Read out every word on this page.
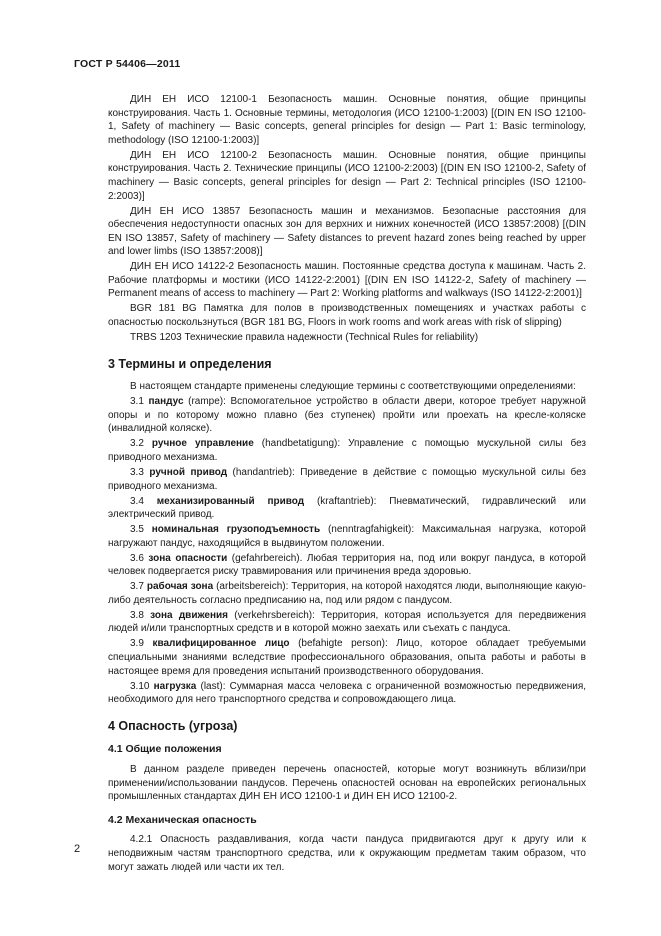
ГОСТ Р 54406—2011

ДИН ЕН ИСО 12100-1 Безопасность машин. Основные понятия, общие принципы конструирования. Часть 1. Основные термины, методология (ИСО 12100-1:2003) [(DIN EN ISO 12100-1, Safety of machinery — Basic concepts, general principles for design — Part 1: Basic terminology, methodology (ISO 12100-1:2003)]

ДИН ЕН ИСО 12100-2 Безопасность машин. Основные понятия, общие принципы конструирования. Часть 2. Технические принципы (ИСО 12100-2:2003) [(DIN EN ISO 12100-2, Safety of machinery — Basic concepts, general principles for design — Part 2: Technical principles (ISO 12100-2:2003)]

ДИН ЕН ИСО 13857 Безопасность машин и механизмов. Безопасные расстояния для обеспечения недоступности опасных зон для верхних и нижних конечностей (ИСО 13857:2008) [(DIN EN ISO 13857, Safety of machinery — Safety distances to prevent hazard zones being reached by upper and lower limbs (ISO 13857:2008)]

ДИН ЕН ИСО 14122-2 Безопасность машин. Постоянные средства доступа к машинам. Часть 2. Рабочие платформы и мостики (ИСО 14122-2:2001) [(DIN EN ISO 14122-2, Safety of machinery — Permanent means of access to machinery — Part 2: Working platforms and walkways (ISO 14122-2:2001)]

BGR 181 BG Памятка для полов в производственных помещениях и участках работы с опасностью поскользнуться (BGR 181 BG, Floors in work rooms and work areas with risk of slipping)

TRBS 1203 Технические правила надежности (Technical Rules for reliability)

3 Термины и определения

В настоящем стандарте применены следующие термины с соответствующими определениями:

3.1 пандус (rampe): Вспомогательное устройство в области двери, которое требует наружной опоры и по которому можно плавно (без ступенек) пройти или проехать на кресле-коляске (инвалидной коляске).

3.2 ручное управление (handbetatigung): Управление с помощью мускульной силы без приводного механизма.

3.3 ручной привод (handantrieb): Приведение в действие с помощью мускульной силы без приводного механизма.

3.4 механизированный привод (kraftantrieb): Пневматический, гидравлический или электрический привод.

3.5 номинальная грузоподъемность (nenntragfahigkeit): Максимальная нагрузка, которой нагружают пандус, находящийся в выдвинутом положении.

3.6 зона опасности (gefahrbereich). Любая территория на, под или вокруг пандуса, в которой человек подвергается риску травмирования или причинения вреда здоровью.

3.7 рабочая зона (arbeitsbereich): Территория, на которой находятся люди, выполняющие какую-либо деятельность согласно предписанию на, под или рядом с пандусом.

3.8 зона движения (verkehrsbereich): Территория, которая используется для передвижения людей и/или транспортных средств и в которой можно заехать или съехать с пандуса.

3.9 квалифицированное лицо (befahigte person): Лицо, которое обладает требуемыми специальными знаниями вследствие профессионального образования, опыта работы и работы в настоящее время для проведения испытаний производственного оборудования.

3.10 нагрузка (last): Суммарная масса человека с ограниченной возможностью передвижения, необходимого для него транспортного средства и сопровождающего лица.

4 Опасность (угроза)
4.1 Общие положения

В данном разделе приведен перечень опасностей, которые могут возникнуть вблизи/при применении/использовании пандусов. Перечень опасностей основан на европейских региональных промышленных стандартах ДИН ЕН ИСО 12100-1 и ДИН ЕН ИСО 12100-2.

4.2 Механическая опасность

4.2.1 Опасность раздавливания, когда части пандуса придвигаются друг к другу или к неподвижным частям транспортного средства, или к окружающим предметам таким образом, что могут зажать людей или части их тел.

2
